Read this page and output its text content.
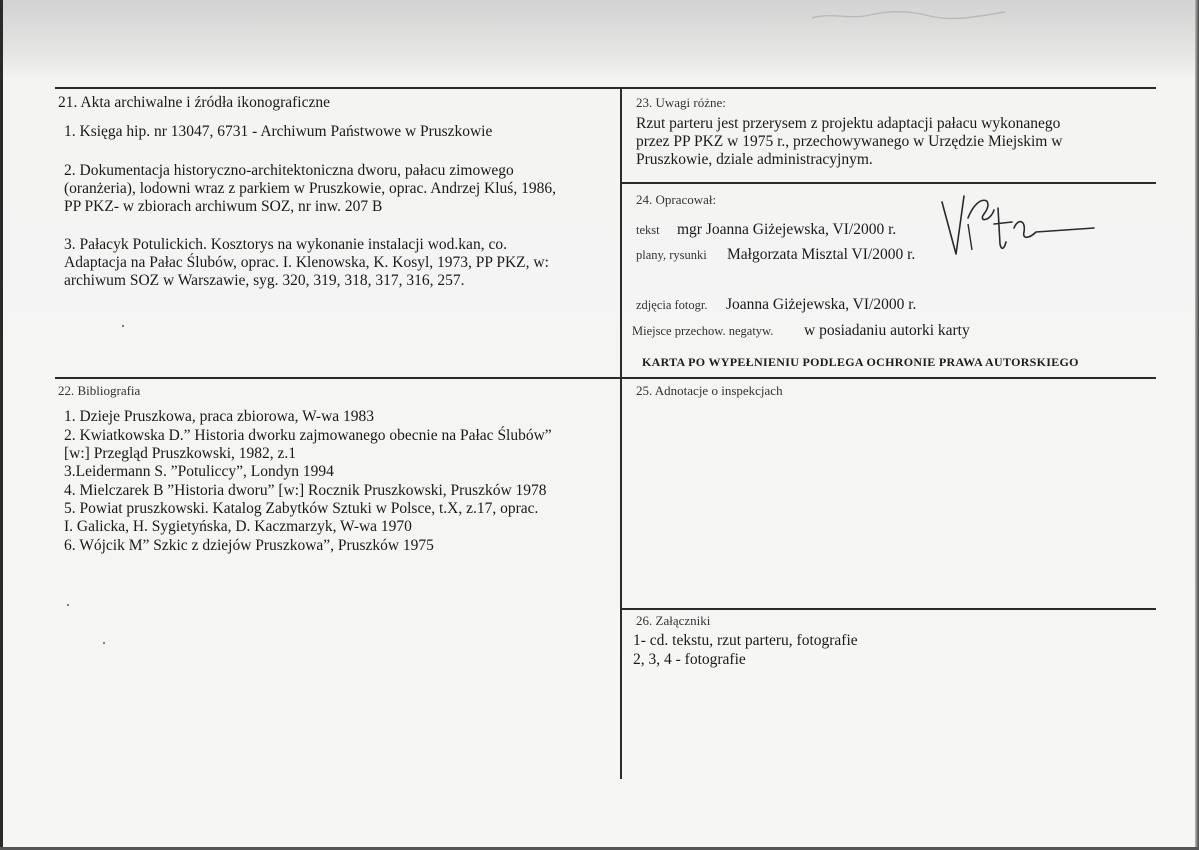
21. Akta archiwalne i źródła ikonograficzne
1. Księga hip. nr 13047, 6731 - Archiwum Państwowe w Pruszkowie
2. Dokumentacja historyczno-architektoniczna dworu, pałacu zimowego
(oranżeria), lodowni wraz z parkiem w Pruszkowie, oprac. Andrzej Kluś, 1986,
PP PKZ- w zbiorach archiwum SOZ, nr inw. 207 B
3. Pałacyk Potulickich. Kosztorys na wykonanie instalacji wod.kan, co.
Adaptacja na Pałac Ślubów, oprac. I. Klenowska, K. Kosyl, 1973, PP PKZ, w:
archiwum SOZ w Warszawie, syg. 320, 319, 318, 317, 316, 257.
22. Bibliografia
1. Dzieje Pruszkowa, praca zbiorowa, W-wa 1983
2. Kwiatkowska D.” Historia dworku zajmowanego obecnie na Pałac Ślubów”
[w:] Przegląd Pruszkowski, 1982, z.1
3.Leidermann S. ”Potuliccy”, Londyn 1994
4. Mielczarek B ”Historia dworu” [w:] Rocznik Pruszkowski, Pruszków 1978
5. Powiat pruszkowski. Katalog Zabytków Sztuki w Polsce, t.X, z.17, oprac.
I. Galicka, H. Sygietyńska, D. Kaczmarzyk, W-wa 1970
6. Wójcik M” Szkic z dziejów Pruszkowa”, Pruszków 1975
23. Uwagi różne:
Rzut parteru jest przerysem z projektu adaptacji pałacu wykonanego
przez PP PKZ w 1975 r., przechowywanego w Urzędzie Miejskim w
Pruszkowie, dziale administracyjnym.
24. Opracował:
tekst mgr Joanna Giżejewska, VI/2000 r.
plany, rysunki Małgorzata Misztal VI/2000 r.
zdjęcia fotogr. Joanna Giżejewska, VI/2000 r.
Miejsce przechow. negatyw. w posiadaniu autorki karty
KARTA PO WYPEŁNIENIU PODLEGA OCHRONIE PRAWA AUTORSKIEGO
25. Adnotacje o inspekcjach
26. Załączniki
1- cd. tekstu, rzut parteru, fotografie
2, 3, 4 - fotografie
